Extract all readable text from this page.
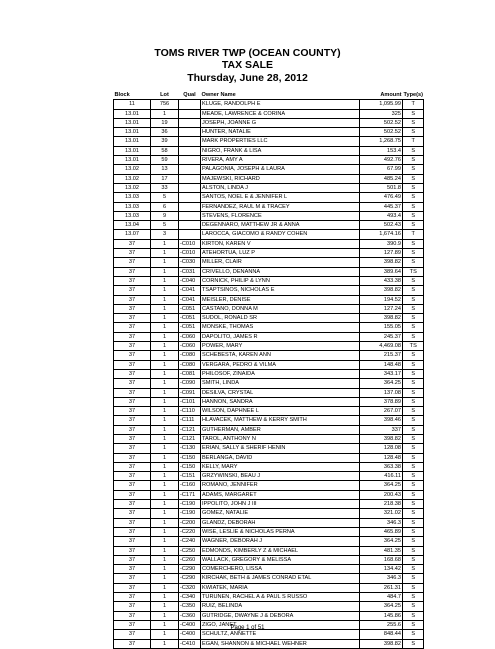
TOMS RIVER TWP (OCEAN COUNTY)
TAX SALE
Thursday, June 28, 2012
Block	Lot	Qual	Owner Name	Amount	Type(s)
11	756		KLUGE, RANDOLPH E	1,095.99	T
13.01	1		MEADE, LAWRENCE & CORINA	325	S
13.01	19		JOSEPH, JOANNE G	502.52	S
13.01	36		HUNTER, NATALIE	502.52	S
13.01	39		MARK PROPERTIES LLC	1,268.75	T
13.01	58		NIGRO, FRANK & LISA	153.4	S
13.01	59		RIVERA, AMY A	492.76	S
13.02	13		PALAGONIA, JOSEPH & LAURA	67.99	S
13.02	17		MAJEWSKI, RICHARD	485.24	S
13.02	33		ALSTON, LINDA J	501.8	S
13.03	5		SANTOS, NOEL E & JENNIFER L	476.49	S
13.03	6		FERNANDEZ, RAUL M & TRACEY	445.37	S
13.03	9		STEVENS, FLORENCE	493.4	S
13.04	5		DEGENNARO, MATTHEW JR & ANNA	502.43	S
13.07	3		LAROCCA, GIACOMO & RANDY COHEN	1,674.16	T
37	1	-C010	KIRTON, KAREN V	390.9	S
37	1	-C010	ATEHORTUA, LUZ P	127.89	S
37	1	-C030	MILLER, CLAIR	398.82	S
37	1	-C031	CRIVELLO, DENANNA	389.64	TS
37	1	-C040	CORNICK, PHILIP & LYNN	433.38	S
37	1	-C041	TSAPTSINOS, NICHOLAS E	398.82	S
37	1	-C041	MEISLER, DENISE	194.52	S
37	1	-C051	CASTANO, DONNA M	127.24	S
37	1	-C051	SUDOL, RONALD SR	398.82	S
37	1	-C051	MONSKE, THOMAS	155.05	S
37	1	-C060	DAPOLITO, JAMES R	245.37	S
37	1	-C060	POWER, MARY	4,469.08	TS
37	1	-C080	SCHEBESTA, KAREN ANN	215.37	S
37	1	-C080	VERGARA, PEDRO & VILMA	148.48	S
37	1	-C081	PHILOSOF, ZINAIDA	343.17	S
37	1	-C090	SMITH, LINDA	364.25	S
37	1	-C091	DESILVA, CRYSTAL	137.08	S
37	1	-C101	HANNON, SANDRA	378.89	S
37	1	-C110	WILSON, DAPHNEE L	267.07	S
37	1	-C111	HLAVACEK, MATTHEW & KERRY SMITH	398.46	S
37	1	-C121	GUTHERMAN, AMBER	337	S
37	1	-C121	TAROL, ANTHONY N	398.82	S
37	1	-C130	ERIAN, SALLY & SHERIF HENIN	128.08	S
37	1	-C150	BERLANGA, DAVID	128.48	S
37	1	-C150	KELLY, MARY	363.38	S
37	1	-C151	GRZYWINSKI, BEAU J	416.11	S
37	1	-C160	ROMANO, JENNIFER	364.25	S
37	1	-C171	ADAMS, MARGARET	200.43	S
37	1	-C190	IPPOLITO, JOHN J III	218.38	S
37	1	-C190	GOMEZ, NATALIE	321.02	S
37	1	-C200	GLANDZ, DEBORAH	346.3	S
37	1	-C220	WISE, LESLIE & NICHOLAS PERNA	465.89	S
37	1	-C240	WAGNER, DEBORAH J	364.25	S
37	1	-C250	EDMONDS, KIMBERLY Z & MICHAEL	481.35	S
37	1	-C260	WALLACK, GREGORY & MELISSA	168.68	S
37	1	-C290	COMERCHERO, LISSA	134.42	S
37	1	-C290	KIRCHAK, BETH & JAMES CONRAD ETAL	346.3	S
37	1	-C320	KWIATEK, MARIA	261.31	S
37	1	-C340	TURUNEN, RACHEL A & PAUL S RUSSO	484.7	S
37	1	-C350	RUIZ, BELINDA	364.25	S
37	1	-C360	GUTRIDGE, DWAYNE J & DEBORA	145.86	S
37	1	-C400	ZIGO, JANET	255.6	S
37	1	-C400	SCHULTZ, ANNETTE	848.44	S
37	1	-C410	EGAN, SHANNON & MICHAEL WEHNER	398.82	S
Page 1 of 51
